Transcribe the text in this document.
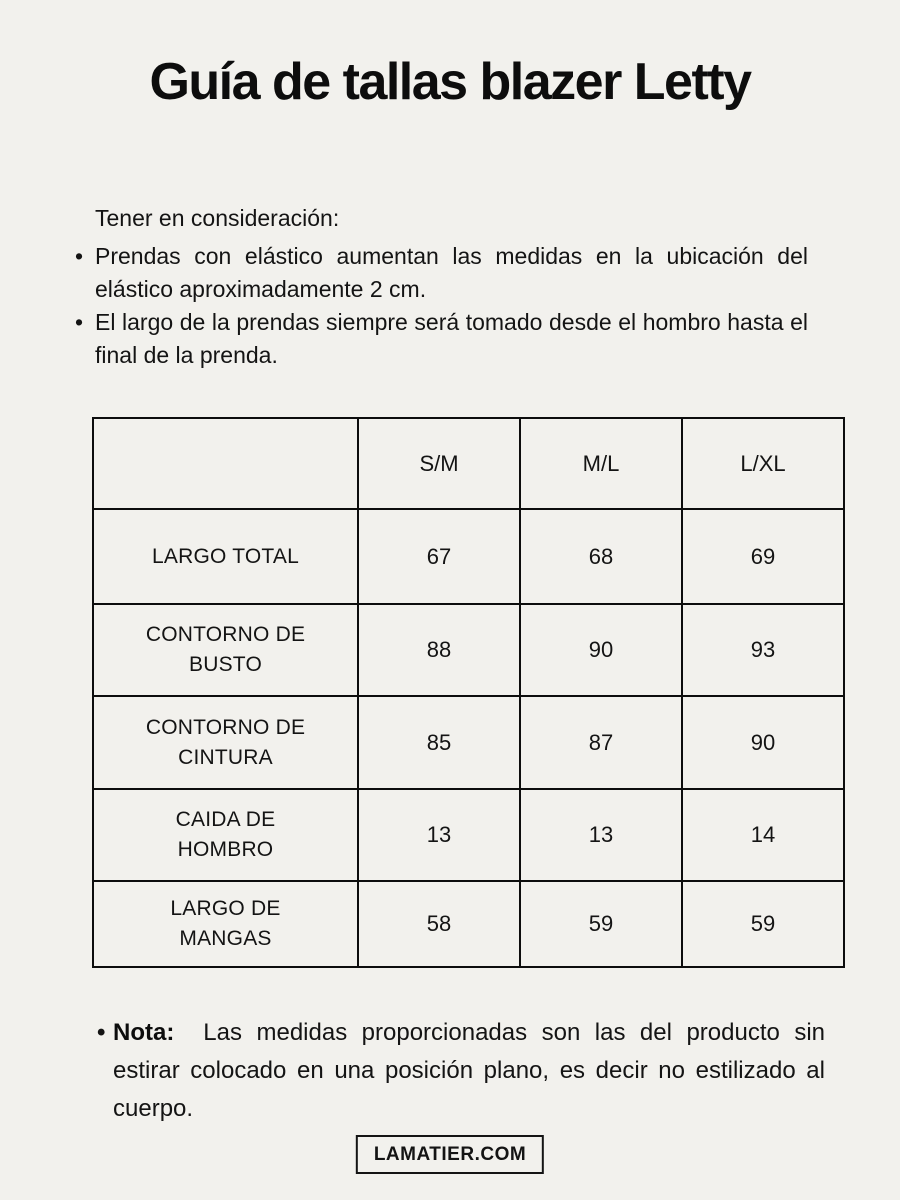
Guía de tallas blazer Letty

Tener en consideración:

• Prendas con elástico aumentan las medidas en la ubicación del elástico aproximadamente 2 cm.
• El largo de la prendas siempre será tomado desde el hombro hasta el final de la prenda.
	S/M	M/L	L/XL
LARGO TOTAL	67	68	69
CONTORNO DE BUSTO	88	90	93
CONTORNO DE CINTURA	85	87	90
CAIDA DE HOMBRO	13	13	14
LARGO DE MANGAS	58	59	59

• Nota: Las medidas proporcionadas son las del producto sin estirar colocado en una posición plano, es decir no estilizado al cuerpo.

LAMATIER.COM
